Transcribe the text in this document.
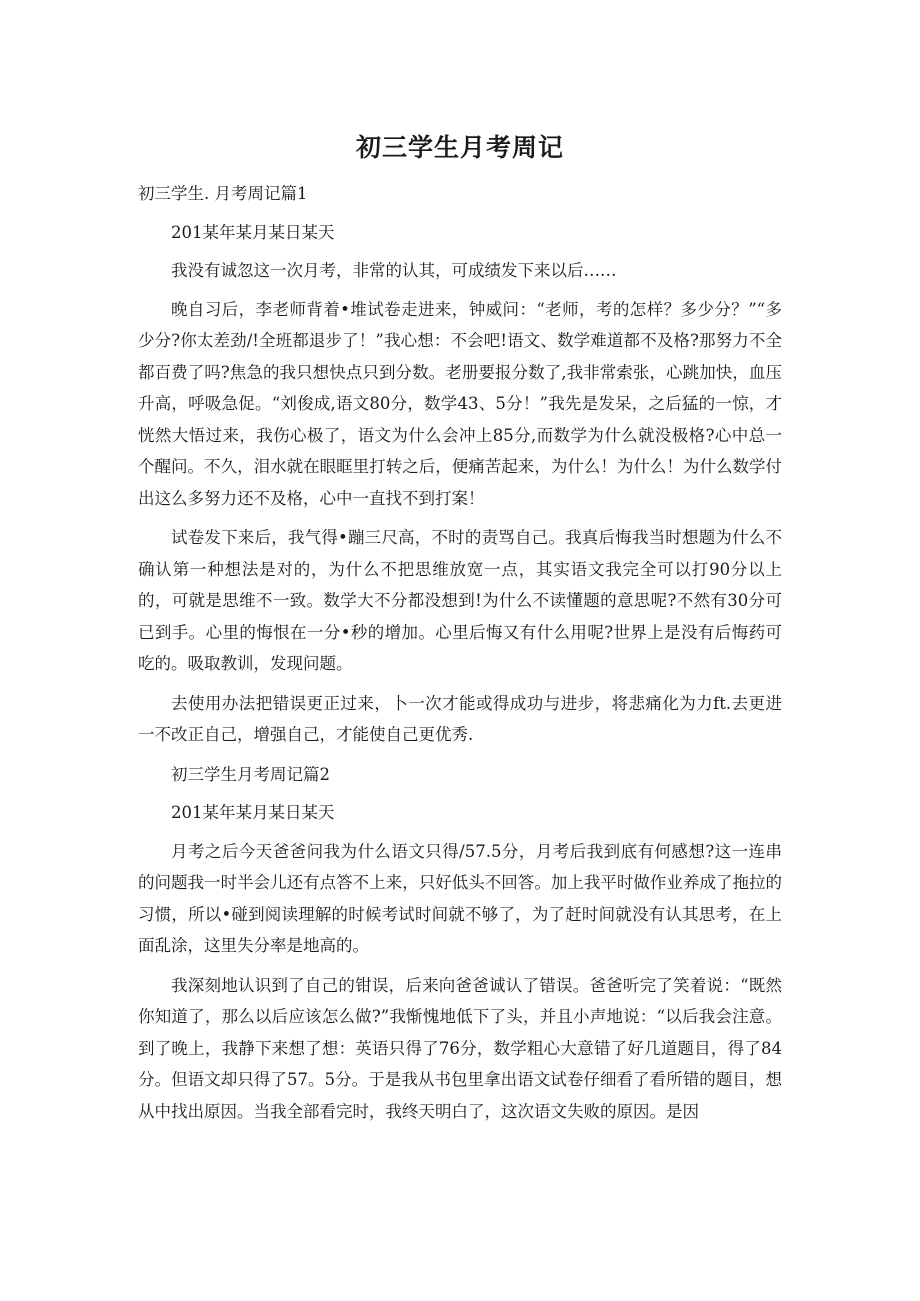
初三学生月考周记

初三学生. 月考周记篇1

201某年某月某日某天

我没有诚忽这一次月考，非常的认其，可成绩发下来以后……

晚自习后，李老师背着•堆试卷走进来，钟威问：“老师，考的怎样？多少分？”“多少分?你太差劲/!全班都退步了！”我心想：不会吧!语文、数学难道都不及格?那努力不全都百费了吗?焦急的我只想快点只到分数。老册要报分数了,我非常索张，心跳加快，血压升高，呼吸急促。“刘俊成,语文80分，数学43、5分！”我先是发呆，之后猛的一惊，才恍然大悟过来，我伤心极了，语文为什么会冲上85分,而数学为什么就没极格?心中总一个醒问。不久，泪水就在眼眶里打转之后，便痛苦起来，为什么！为什么！为什么数学付出这么多努力还不及格，心中一直找不到打案！

试卷发下来后，我气得•蹦三尺高，不时的责骂自己。我真后悔我当时想题为什么不确认第一种想法是对的，为什么不把思维放宽一点，其实语文我完全可以打90分以上的，可就是思维不一致。数学大不分都没想到!为什么不读懂题的意思呢?不然有30分可已到手。心里的悔恨在一分•秒的增加。心里后悔又有什么用呢?世界上是没有后悔药可吃的。吸取教训，发现问题。

去使用办法把错误更正过来，卜一次才能或得成功与进步，将悲痛化为力ft.去更进一不改正自己，增强自己，才能使自己更优秀.

初三学生月考周记篇2

201某年某月某日某天

月考之后今天爸爸问我为什么语文只得/57.5分，月考后我到底有何感想?这一连串的问题我一时半会儿还有点答不上来，只好低头不回答。加上我平时做作业养成了拖拉的习惯，所以•碰到阅读理解的时候考试时间就不够了，为了赶时间就没有认其思考，在上面乱涂，这里失分率是地高的。

我深刻地认识到了自己的钳误，后来向爸爸诚认了错误。爸爸听完了笑着说：“既然你知道了，那么以后应该怎么做?”我惭愧地低下了头，并且小声地说：“以后我会注意。到了晚上，我静下来想了想：英语只得了76分，数学粗心大意错了好几道题目，得了84分。但语文却只得了57。5分。于是我从书包里拿出语文试卷仔细看了看所错的题目，想从中找出原因。当我全部看完时，我终天明白了，这次语文失败的原因。是因
